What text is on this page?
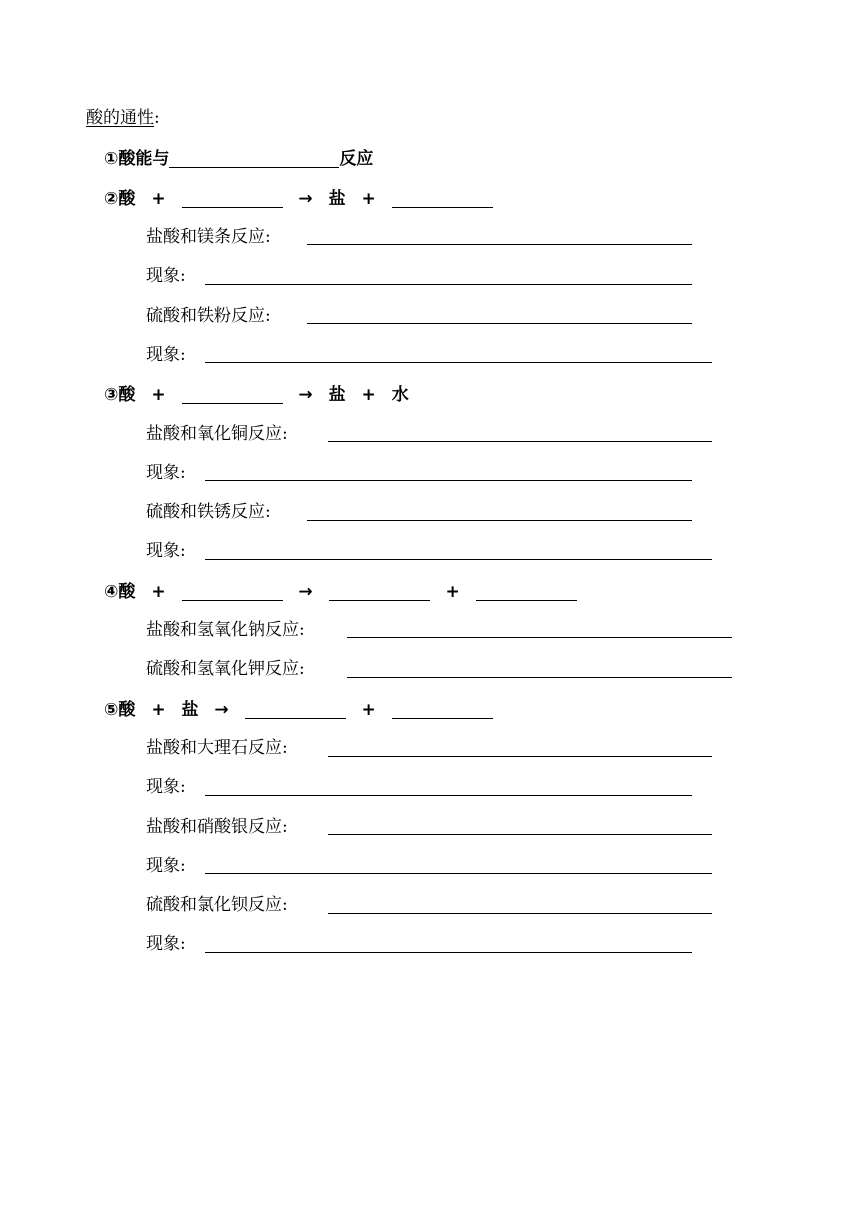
酸的通性:
①酸能与	反应
②酸 +	→ 盐 +
盐酸和镁条反应:
现象:
硫酸和铁粉反应:
现象:
③酸 +	→ 盐 + 水
盐酸和氧化铜反应:
现象:
硫酸和铁锈反应:
现象:
④酸 +	→	+
盐酸和氢氧化钠反应:
硫酸和氢氧化钾反应:
⑤酸 + 盐 →	+
盐酸和大理石反应:
现象:
盐酸和硝酸银反应:
现象:
硫酸和氯化钡反应:
现象:
